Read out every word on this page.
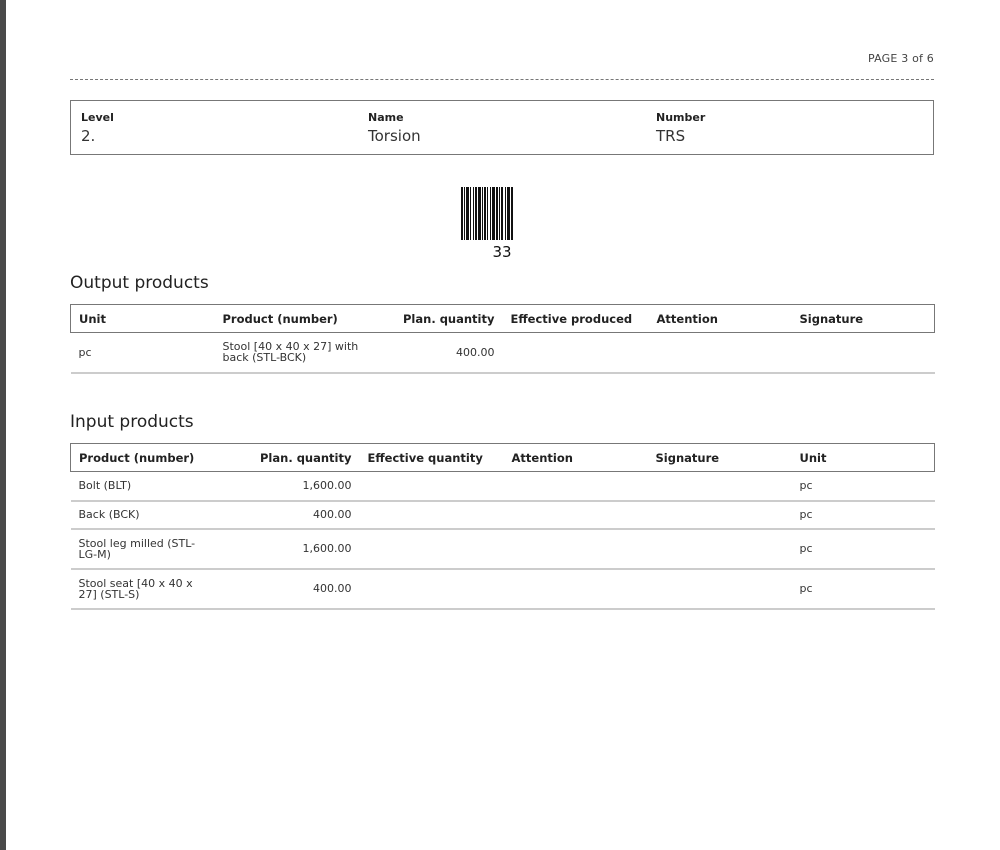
PAGE 3 of 6
Level
2.
Name
Torsion
Number
TRS
33
Output products
Unit	Product (number)	Plan. quantity	Effective produced	Attention	Signature
pc	Stool [40 x 40 x 27] with back (STL-BCK)	400.00			
Input products
Product (number)	Plan. quantity	Effective quantity	Attention	Signature	Unit
Bolt (BLT)	1,600.00				pc
Back (BCK)	400.00				pc
Stool leg milled (STL-LG-M)	1,600.00				pc
Stool seat [40 x 40 x 27] (STL-S)	400.00				pc
